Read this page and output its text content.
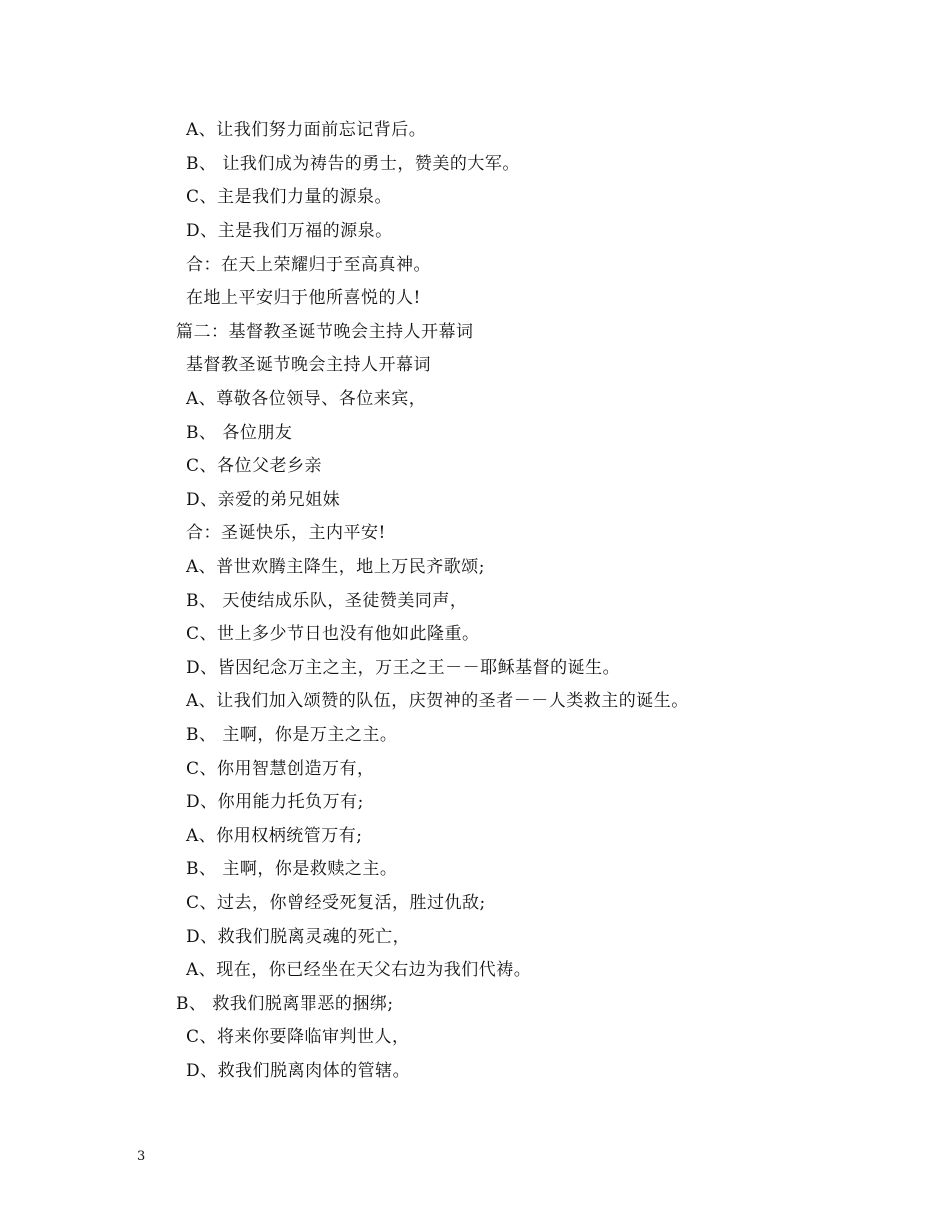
A、让我们努力面前忘记背后。
B、 让我们成为祷告的勇士，赞美的大军。
C、主是我们力量的源泉。
D、主是我们万福的源泉。
合：在天上荣耀归于至高真神。
在地上平安归于他所喜悦的人!
篇二：基督教圣诞节晚会主持人开幕词
基督教圣诞节晚会主持人开幕词
A、尊敬各位领导、各位来宾，
B、 各位朋友
C、各位父老乡亲
D、亲爱的弟兄姐妹
合：圣诞快乐，主内平安!
A、普世欢腾主降生，地上万民齐歌颂;
B、 天使结成乐队，圣徒赞美同声，
C、世上多少节日也没有他如此隆重。
D、皆因纪念万主之主，万王之王－－耶稣基督的诞生。
A、让我们加入颂赞的队伍，庆贺神的圣者－－人类救主的诞生。
B、 主啊，你是万主之主。
C、你用智慧创造万有，
D、你用能力托负万有;
A、你用权柄统管万有;
B、 主啊，你是救赎之主。
C、过去，你曾经受死复活，胜过仇敌;
D、救我们脱离灵魂的死亡，
A、现在，你已经坐在天父右边为我们代祷。
B、 救我们脱离罪恶的捆绑;
C、将来你要降临审判世人，
D、救我们脱离肉体的管辖。
3
